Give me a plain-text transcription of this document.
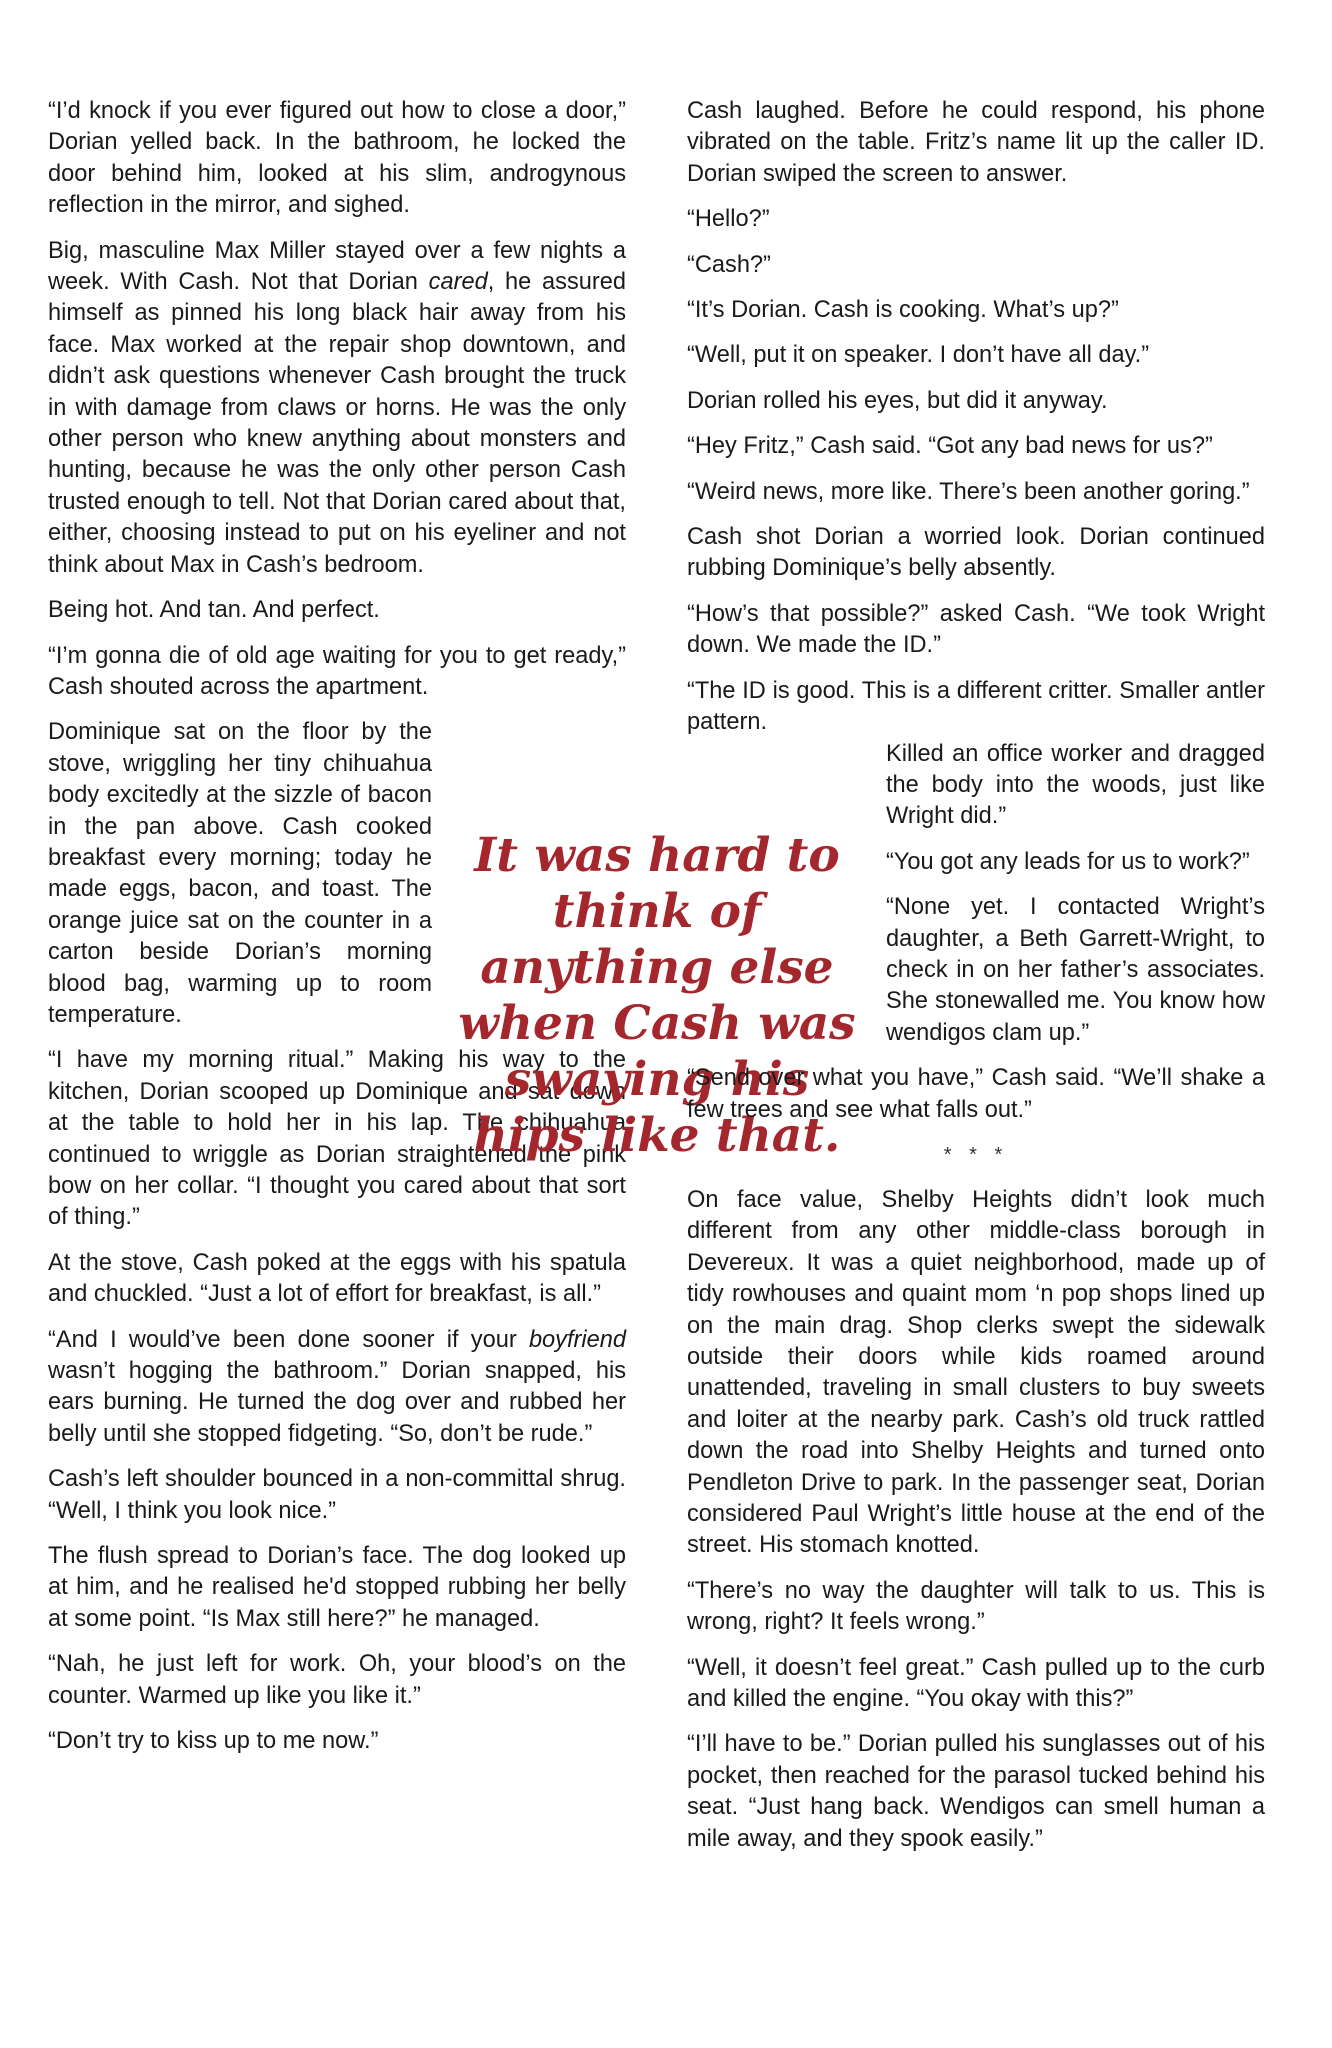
“I’d knock if you ever figured out how to close a door,” Dorian yelled back. In the bathroom, he locked the door behind him, looked at his slim, androgynous reflection in the mirror, and sighed.

Big, masculine Max Miller stayed over a few nights a week. With Cash. Not that Dorian cared, he assured himself as pinned his long black hair away from his face. Max worked at the repair shop downtown, and didn’t ask questions whenever Cash brought the truck in with damage from claws or horns. He was the only other person who knew anything about monsters and hunting, because he was the only other person Cash trusted enough to tell. Not that Dorian cared about that, either, choosing instead to put on his eyeliner and not think about Max in Cash’s bedroom.

Being hot. And tan. And perfect.

“I’m gonna die of old age waiting for you to get ready,” Cash shouted across the apartment.

Dominique sat on the floor by the stove, wriggling her tiny chihuahua body excitedly at the sizzle of bacon in the pan above. Cash cooked breakfast every morning; today he made eggs, bacon, and toast. The orange juice sat on the counter in a carton beside Dorian’s morning blood bag, warming up to room temperature.

“I have my morning ritual.” Making his way to the kitchen, Dorian scooped up Dominique and sat down at the table to hold her in his lap. The chihuahua continued to wriggle as Dorian straightened the pink bow on her collar. “I thought you cared about that sort of thing.”

At the stove, Cash poked at the eggs with his spatula and chuckled. “Just a lot of effort for breakfast, is all.”

“And I would’ve been done sooner if your boyfriend wasn’t hogging the bathroom.” Dorian snapped, his ears burning. He turned the dog over and rubbed her belly until she stopped fidgeting. “So, don’t be rude.”

Cash’s left shoulder bounced in a non-committal shrug. “Well, I think you look nice.”

The flush spread to Dorian’s face. The dog looked up at him, and he realised he'd stopped rubbing her belly at some point. “Is Max still here?” he managed.

“Nah, he just left for work. Oh, your blood’s on the counter. Warmed up like you like it.”

“Don’t try to kiss up to me now.”

It was hard to think of anything else when Cash was swaying his hips like that.

Cash laughed. Before he could respond, his phone vibrated on the table. Fritz’s name lit up the caller ID. Dorian swiped the screen to answer.

“Hello?”

“Cash?”

“It’s Dorian. Cash is cooking. What’s up?”

“Well, put it on speaker. I don’t have all day.”

Dorian rolled his eyes, but did it anyway.

“Hey Fritz,” Cash said. “Got any bad news for us?”

“Weird news, more like. There’s been another goring.”

Cash shot Dorian a worried look. Dorian continued rubbing Dominique’s belly absently.

“How’s that possible?” asked Cash. “We took Wright down. We made the ID.”

“The ID is good. This is a different critter. Smaller antler pattern.

Killed an office worker and dragged the body into the woods, just like Wright did.”

“You got any leads for us to work?”

“None yet. I contacted Wright’s daughter, a Beth Garrett-Wright, to check in on her father’s associates. She stonewalled me. You know how wendigos clam up.”

“Send over what you have,” Cash said. “We’ll shake a few trees and see what falls out.”

* * *

On face value, Shelby Heights didn’t look much different from any other middle-class borough in Devereux. It was a quiet neighborhood, made up of tidy rowhouses and quaint mom ‘n pop shops lined up on the main drag. Shop clerks swept the sidewalk outside their doors while kids roamed around unattended, traveling in small clusters to buy sweets and loiter at the nearby park. Cash’s old truck rattled down the road into Shelby Heights and turned onto Pendleton Drive to park. In the passenger seat, Dorian considered Paul Wright’s little house at the end of the street. His stomach knotted.

“There’s no way the daughter will talk to us. This is wrong, right? It feels wrong.”

“Well, it doesn’t feel great.” Cash pulled up to the curb and killed the engine. “You okay with this?”

“I’ll have to be.” Dorian pulled his sunglasses out of his pocket, then reached for the parasol tucked behind his seat. “Just hang back. Wendigos can smell human a mile away, and they spook easily.”
